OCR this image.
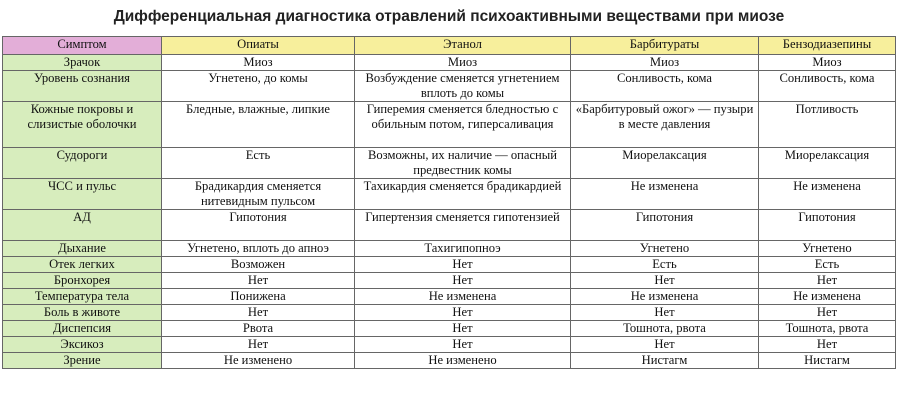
Дифференциальная диагностика отравлений психоактивными веществами при миозе
Симптом	Опиаты	Этанол	Барбитураты	Бензодиазепины
Зрачок	Миоз	Миоз	Миоз	Миоз
Уровень сознания	Угнетено, до комы	Возбуждение сменяется угнетением вплоть до комы	Сонливость, кома	Сонливость, кома
Кожные покровы и слизистые оболочки	Бледные, влажные, липкие	Гиперемия сменяется бледностью с обильным потом, гиперсаливация	«Барбитуровый ожог» — пузыри в месте давления	Потливость
Судороги	Есть	Возможны, их наличие — опасный предвестник комы	Миорелаксация	Миорелаксация
ЧСС и пульс	Брадикардия сменяется нитевидным пульсом	Тахикардия сменяется брадикардией	Не изменена	Не изменена
АД	Гипотония	Гипертензия сменяется гипотензией	Гипотония	Гипотония
Дыхание	Угнетено, вплоть до апноэ	Тахигипопноэ	Угнетено	Угнетено
Отек легких	Возможен	Нет	Есть	Есть
Бронхорея	Нет	Нет	Нет	Нет
Температура тела	Понижена	Не изменена	Не изменена	Не изменена
Боль в животе	Нет	Нет	Нет	Нет
Диспепсия	Рвота	Нет	Тошнота, рвота	Тошнота, рвота
Эксикоз	Нет	Нет	Нет	Нет
Зрение	Не изменено	Не изменено	Нистагм	Нистагм
